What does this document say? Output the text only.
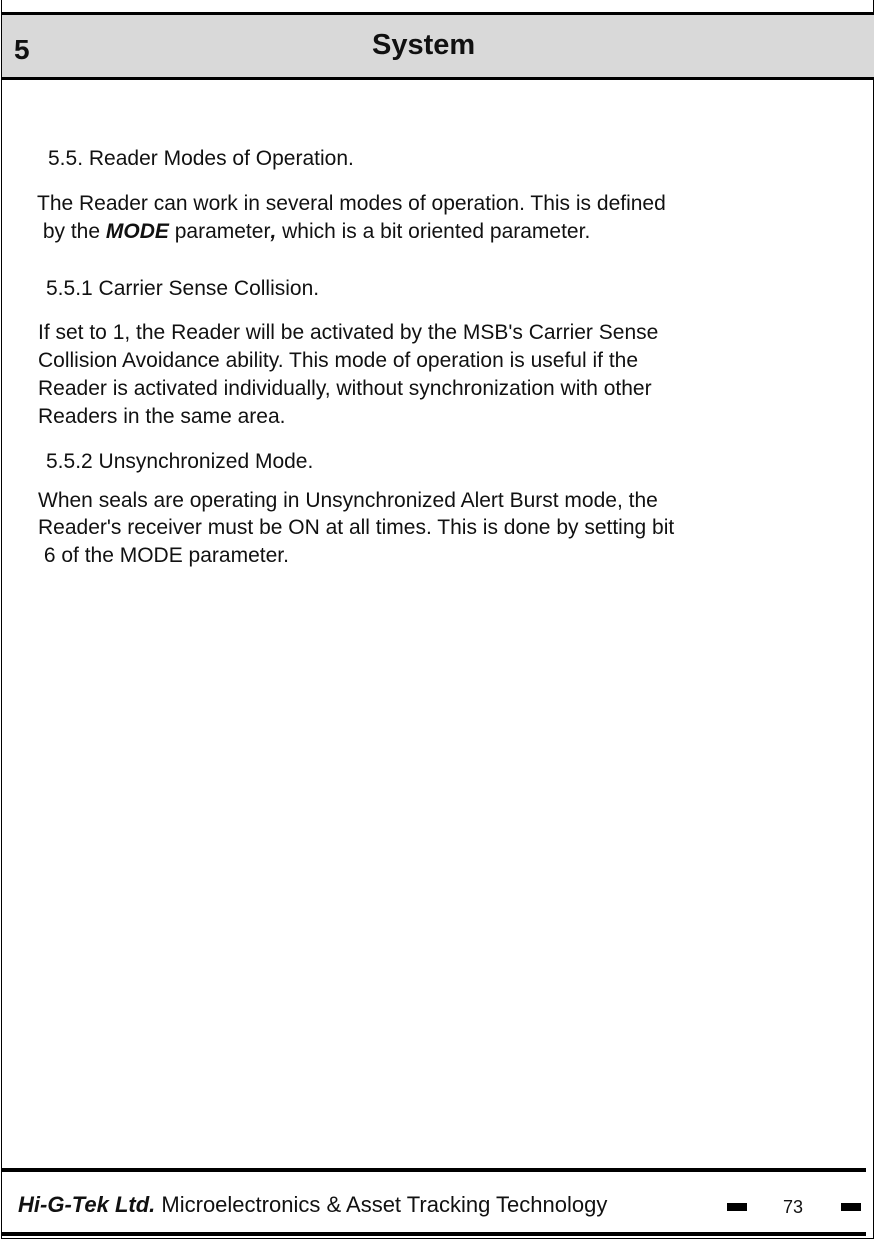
5	System

5.5. Reader Modes of Operation.

The Reader can work in several modes of operation. This is defined

by the MODE parameter, which is a bit oriented parameter.

5.5.1 Carrier Sense Collision.

If set to 1, the Reader will be activated by the MSB's Carrier Sense

Collision Avoidance ability. This mode of operation is useful if the

Reader is activated individually, without synchronization with other

Readers in the same area.

5.5.2 Unsynchronized Mode.

When seals are operating in Unsynchronized Alert Burst mode, the

Reader's receiver must be ON at all times. This is done by setting bit

6 of the MODE parameter.

Hi-G-Tek Ltd. Microelectronics & Asset Tracking Technology	73
